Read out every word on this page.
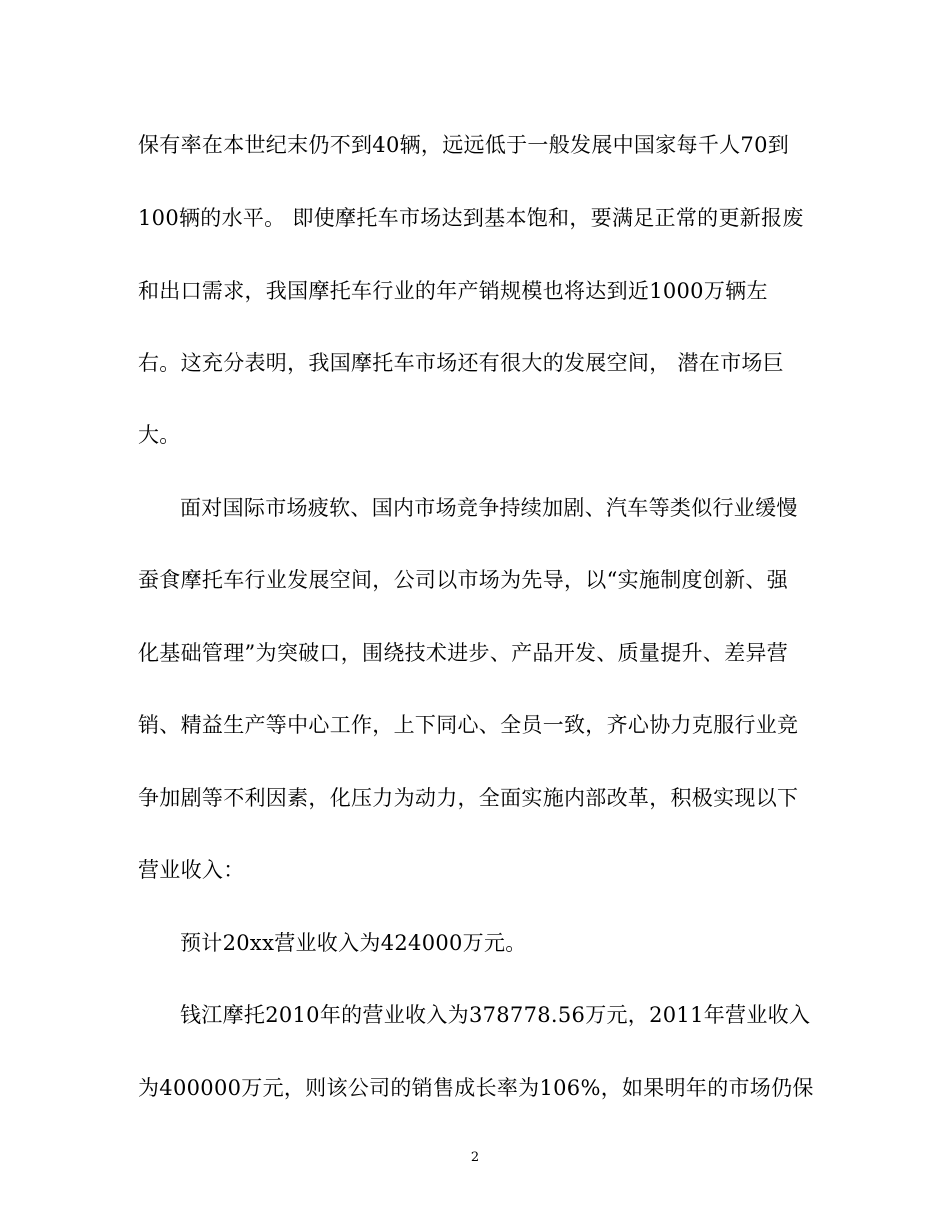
保有率在本世纪末仍不到40辆，远远低于一般发展中国家每千人70到
100辆的水平。 即使摩托车市场达到基本饱和，要满足正常的更新报废
和出口需求，我国摩托车行业的年产销规模也将达到近1000万辆左
右。这充分表明，我国摩托车市场还有很大的发展空间， 潜在市场巨
大。
面对国际市场疲软、国内市场竞争持续加剧、汽车等类似行业缓慢
蚕食摩托车行业发展空间，公司以市场为先导，以“实施制度创新、强
化基础管理”为突破口，围绕技术进步、产品开发、质量提升、差异营
销、精益生产等中心工作，上下同心、全员一致，齐心协力克服行业竞
争加剧等不利因素，化压力为动力，全面实施内部改革，积极实现以下
营业收入：
预计20xx营业收入为424000万元。
钱江摩托2010年的营业收入为378778.56万元，2011年营业收入
为400000万元，则该公司的销售成长率为106%，如果明年的市场仍保
2
